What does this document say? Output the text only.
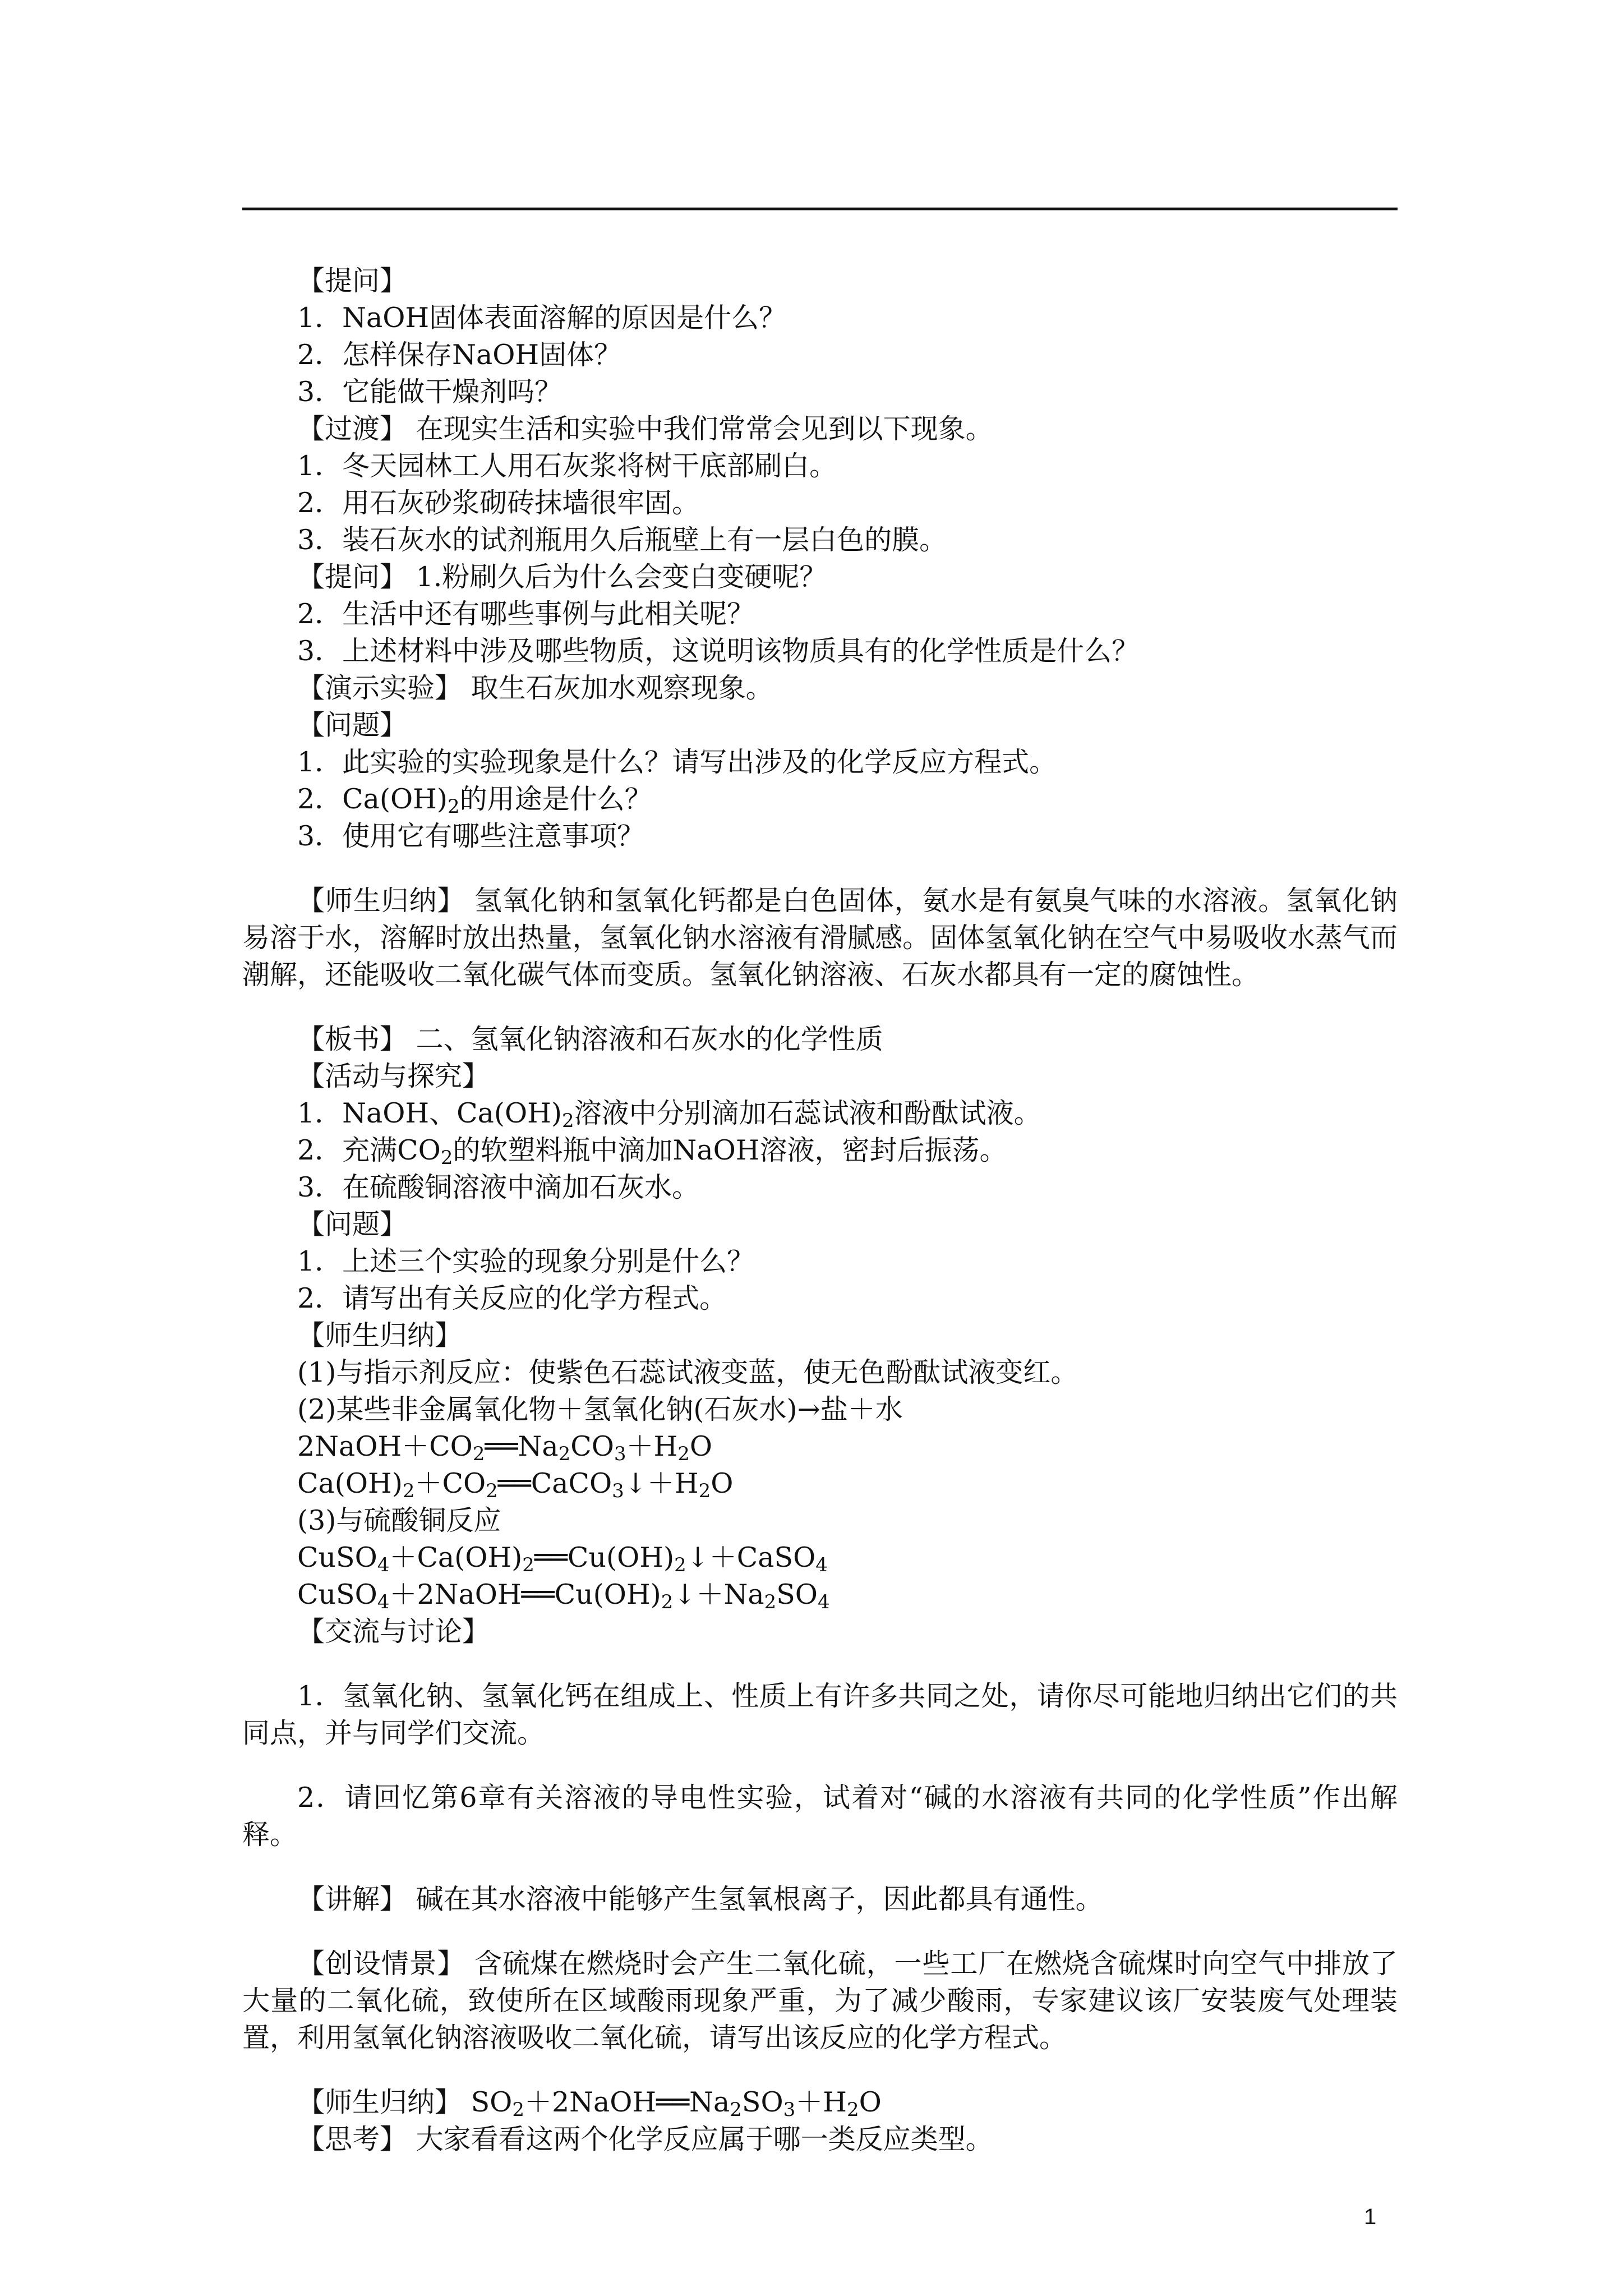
【提问】

1．NaOH固体表面溶解的原因是什么？

2．怎样保存NaOH固体？

3．它能做干燥剂吗？

【过渡】 在现实生活和实验中我们常常会见到以下现象。

1．冬天园林工人用石灰浆将树干底部刷白。

2．用石灰砂浆砌砖抹墙很牢固。

3．装石灰水的试剂瓶用久后瓶壁上有一层白色的膜。

【提问】 1.粉刷久后为什么会变白变硬呢？

2．生活中还有哪些事例与此相关呢？

3．上述材料中涉及哪些物质，这说明该物质具有的化学性质是什么？

【演示实验】 取生石灰加水观察现象。

【问题】

1．此实验的实验现象是什么？请写出涉及的化学反应方程式。

2．$Ca(OH)_2$的用途是什么？

3．使用它有哪些注意事项？

【师生归纳】 氢氧化钠和氢氧化钙都是白色固体，氨水是有氨臭气味的水溶液。氢氧化钠易溶于水，溶解时放出热量，氢氧化钠水溶液有滑腻感。固体氢氧化钠在空气中易吸收水蒸气而潮解，还能吸收二氧化碳气体而变质。氢氧化钠溶液、石灰水都具有一定的腐蚀性。

【板书】 二、氢氧化钠溶液和石灰水的化学性质

【活动与探究】

1．NaOH、$Ca(OH)_2$溶液中分别滴加石蕊试液和酚酞试液。

2．充满$CO_2$的软塑料瓶中滴加NaOH溶液，密封后振荡。

3．在硫酸铜溶液中滴加石灰水。

【问题】

1．上述三个实验的现象分别是什么？

2．请写出有关反应的化学方程式。

【师生归纳】

(1)与指示剂反应：使紫色石蕊试液变蓝，使无色酚酞试液变红。

(2)某些非金属氧化物＋氢氧化钠(石灰水)→盐＋水

$2NaOH+CO_2══Na_2CO_3+H_2O$

$Ca(OH)_2+CO_2══CaCO_3↓+H_2O$

(3)与硫酸铜反应

$CuSO_4+Ca(OH)_2══Cu(OH)_2↓+CaSO_4$

$CuSO_4+2NaOH══Cu(OH)_2↓+Na_2SO_4$

【交流与讨论】

1．氢氧化钠、氢氧化钙在组成上、性质上有许多共同之处，请你尽可能地归纳出它们的共同点，并与同学们交流。

2．请回忆第6章有关溶液的导电性实验，试着对“碱的水溶液有共同的化学性质”作出解释。

【讲解】 碱在其水溶液中能够产生氢氧根离子，因此都具有通性。

【创设情景】 含硫煤在燃烧时会产生二氧化硫，一些工厂在燃烧含硫煤时向空气中排放了大量的二氧化硫，致使所在区域酸雨现象严重，为了减少酸雨，专家建议该厂安装废气处理装置，利用氢氧化钠溶液吸收二氧化硫，请写出该反应的化学方程式。

【师生归纳】 $SO_2+2NaOH══Na_2SO_3+H_2O$

【思考】 大家看看这两个化学反应属于哪一类反应类型。

1
